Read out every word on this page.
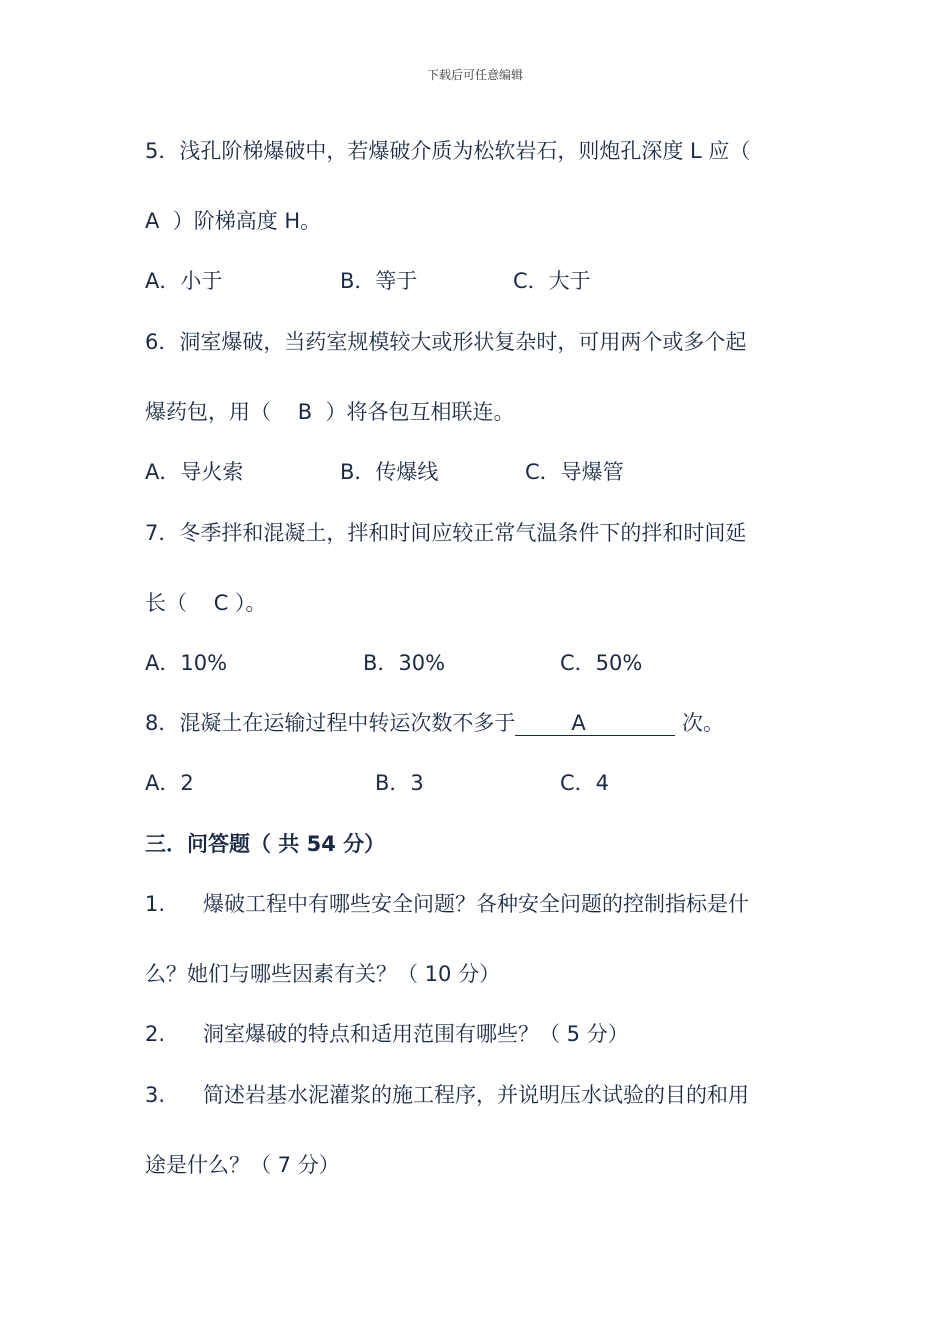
下载后可任意编辑
5．浅孔阶梯爆破中，若爆破介质为松软岩石，则炮孔深度 L 应（
A  ）阶梯高度 H。
A．小于	B．等于	C．大于
6．洞室爆破，当药室规模较大或形状复杂时，可用两个或多个起
爆药包，用（    B  ）将各包互相联连。
A．导火索	B．传爆线	C．导爆管
7．冬季拌和混凝土，拌和时间应较正常气温条件下的拌和时间延
长（    C ）。
A．10%	B．30%	C．50%
8．混凝土在运输过程中转运次数不多于	A	次。
A．2	B．3	C．4
三．问答题（ 共 54 分）
1. 爆破工程中有哪些安全问题？各种安全问题的控制指标是什
么？她们与哪些因素有关？（ 10 分）
2. 洞室爆破的特点和适用范围有哪些？（ 5 分）
3. 简述岩基水泥灌浆的施工程序，并说明压水试验的目的和用
途是什么？（ 7 分）
